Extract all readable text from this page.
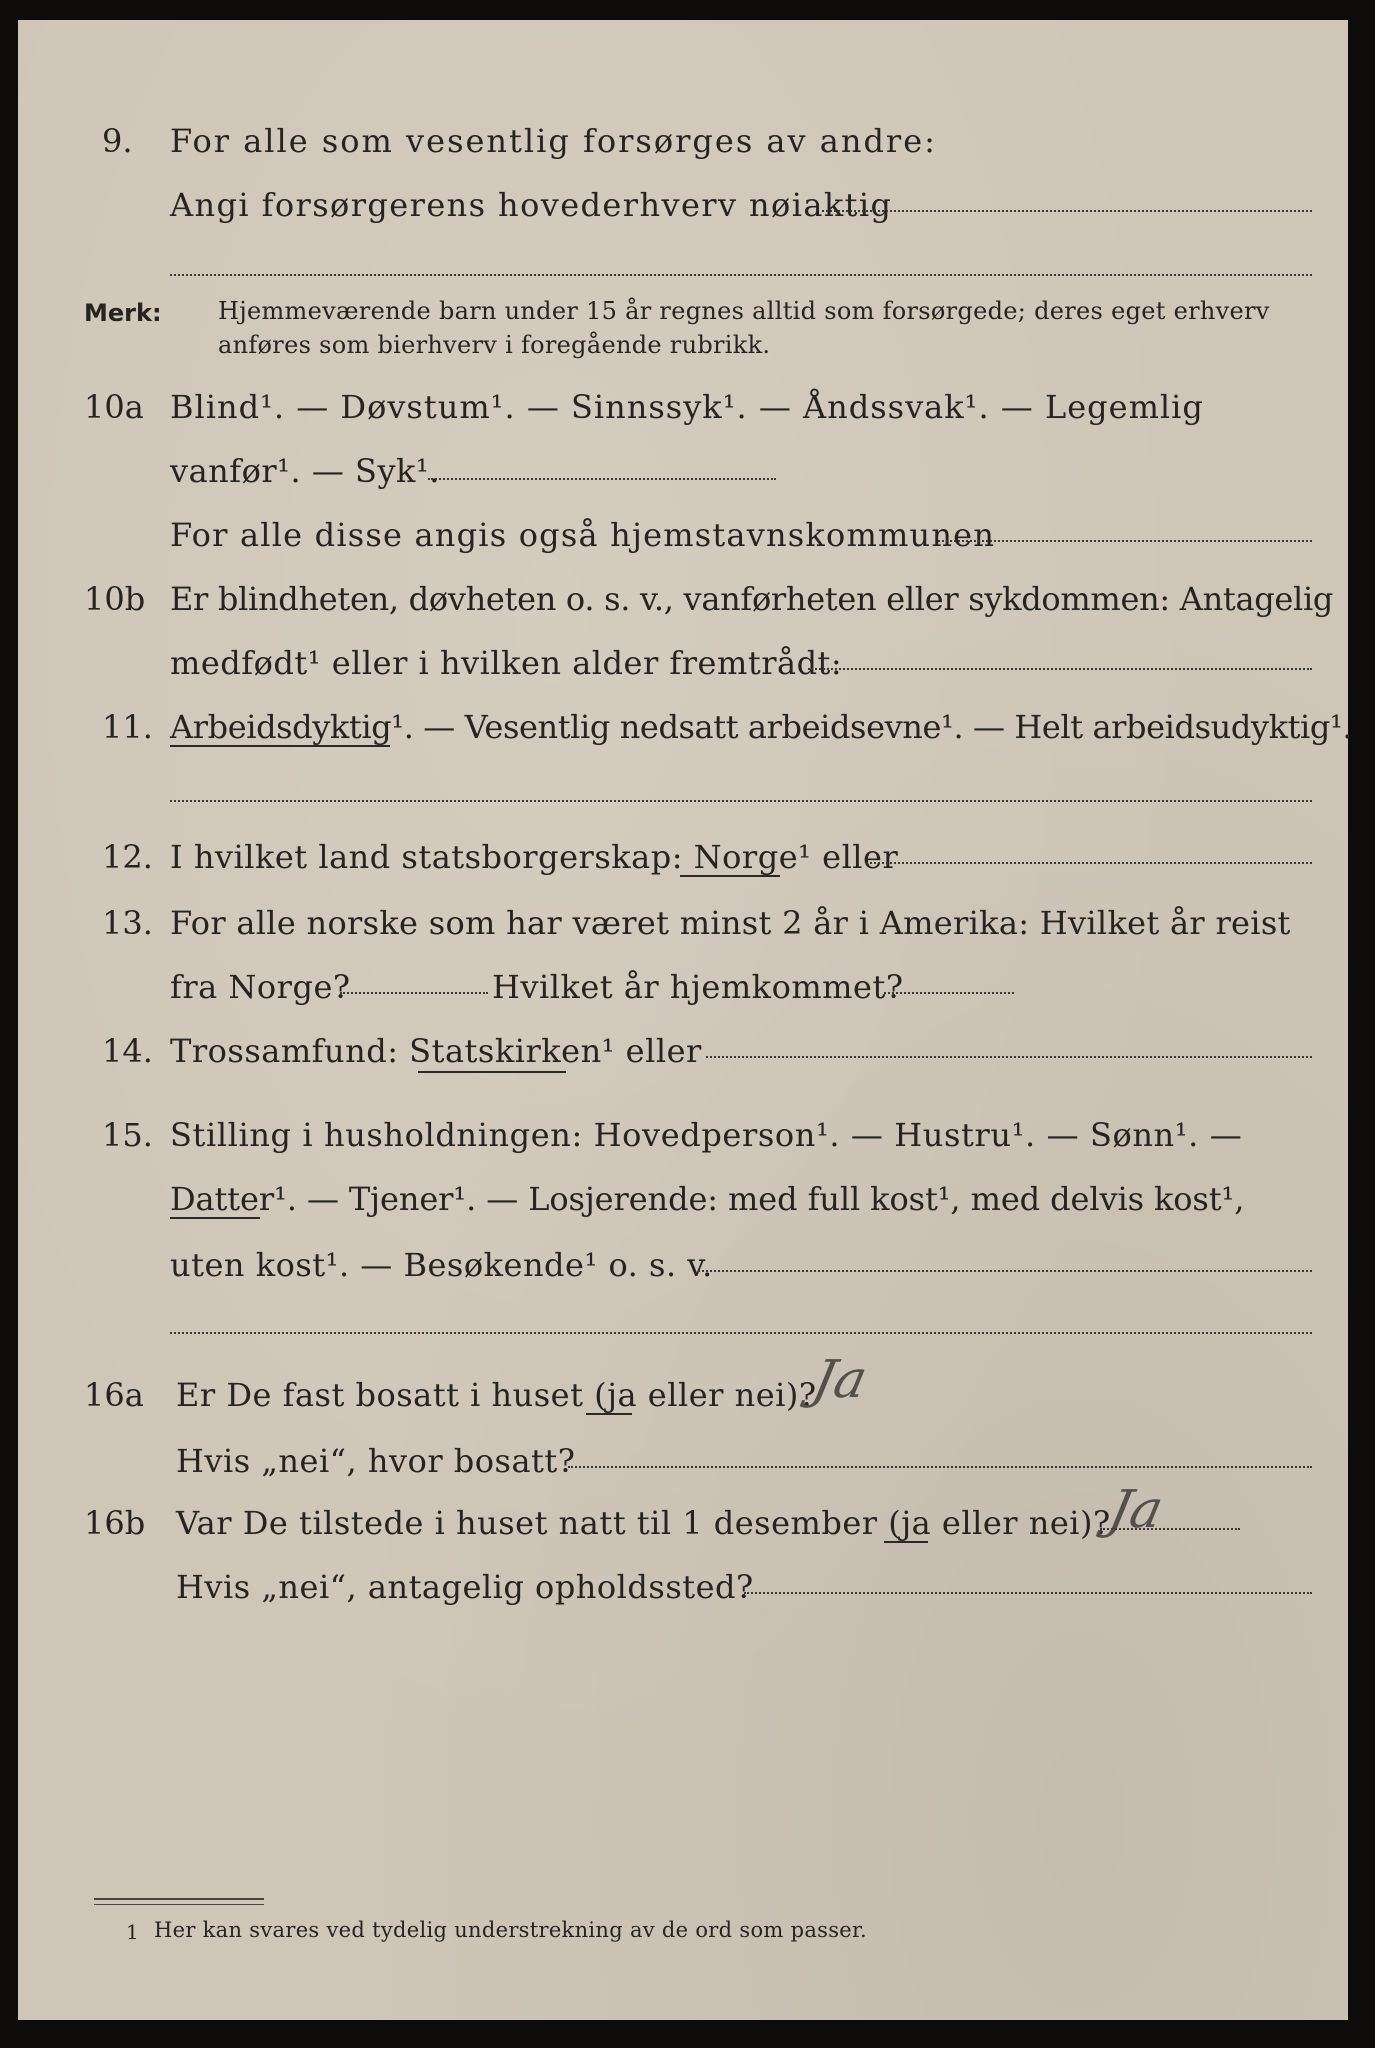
9. For alle som vesentlig forsørges av andre:
Angi forsørgerens hovederhverv nøiaktig
Merk: Hjemmeværende barn under 15 år regnes alltid som forsørgede; deres eget erhverv
anføres som bierhverv i foregående rubrikk.
10a Blind¹. — Døvstum¹. — Sinnssyk¹. — Åndssvak¹. — Legemlig
vanfør¹. — Syk¹.
For alle disse angis også hjemstavnskommunen
10b Er blindheten, døvheten o. s. v., vanførheten eller sykdommen: Antagelig
medfødt¹ eller i hvilken alder fremtrådt:
11. Arbeidsdyktig¹. — Vesentlig nedsatt arbeidsevne¹. — Helt arbeidsudyktig¹.
12. I hvilket land statsborgerskap: Norge¹ eller
13. For alle norske som har været minst 2 år i Amerika: Hvilket år reist
fra Norge?	Hvilket år hjemkommet?
14. Trossamfund: Statskirken¹ eller
15. Stilling i husholdningen: Hovedperson¹. — Hustru¹. — Sønn¹. —
Datter¹. — Tjener¹. — Losjerende: med full kost¹, med delvis kost¹,
uten kost¹. — Besøkende¹ o. s. v.
16a Er De fast bosatt i huset (ja eller nei)?
Ja
Hvis „nei“, hvor bosatt?
16b Var De tilstede i huset natt til 1 desember (ja eller nei)?
Ja
Hvis „nei“, antagelig opholdssted?
1 Her kan svares ved tydelig understrekning av de ord som passer.
